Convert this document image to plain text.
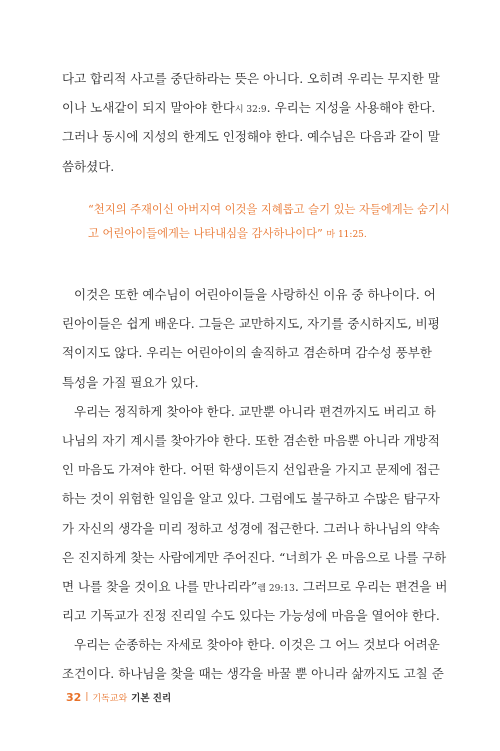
다고 합리적 사고를 중단하라는 뜻은 아니다. 오히려 우리는 무지한 말
이나 노새같이 되지 말아야 한다시 32:9. 우리는 지성을 사용해야 한다.
그러나 동시에 지성의 한계도 인정해야 한다. 예수님은 다음과 같이 말
씀하셨다.
“천지의 주재이신 아버지여 이것을 지혜롭고 슬기 있는 자들에게는 숨기시
고 어린아이들에게는 나타내심을 감사하나이다” 마 11:25.
이것은 또한 예수님이 어린아이들을 사랑하신 이유 중 하나이다. 어
린아이들은 쉽게 배운다. 그들은 교만하지도, 자기를 중시하지도, 비평
적이지도 않다. 우리는 어린아이의 솔직하고 겸손하며 감수성 풍부한
특성을 가질 필요가 있다.
우리는 정직하게 찾아야 한다. 교만뿐 아니라 편견까지도 버리고 하
나님의 자기 계시를 찾아가야 한다. 또한 겸손한 마음뿐 아니라 개방적
인 마음도 가져야 한다. 어떤 학생이든지 선입관을 가지고 문제에 접근
하는 것이 위험한 일임을 알고 있다. 그럼에도 불구하고 수많은 탐구자
가 자신의 생각을 미리 정하고 성경에 접근한다. 그러나 하나님의 약속
은 진지하게 찾는 사람에게만 주어진다. “너희가 온 마음으로 나를 구하
면 나를 찾을 것이요 나를 만나리라”렘 29:13. 그러므로 우리는 편견을 버
리고 기독교가 진정 진리일 수도 있다는 가능성에 마음을 열어야 한다.
우리는 순종하는 자세로 찾아야 한다. 이것은 그 어느 것보다 어려운
조건이다. 하나님을 찾을 때는 생각을 바꿀 뿐 아니라 삶까지도 고칠 준
32 | 기독교와 기본 진리
